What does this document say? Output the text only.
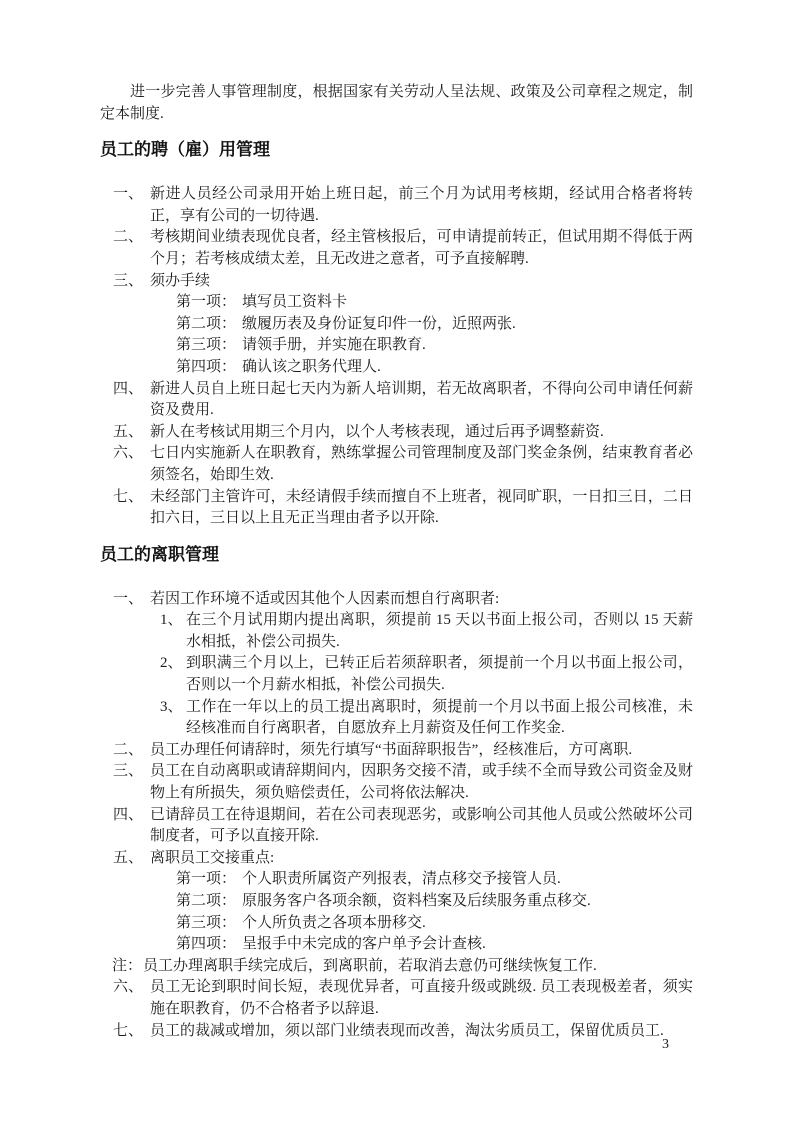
进一步完善人事管理制度，根据国家有关劳动人呈法规、政策及公司章程之规定，制定本制度.

员工的聘（雇）用管理
一、 新进人员经公司录用开始上班日起，前三个月为试用考核期，经试用合格者将转正，享有公司的一切待遇.
二、 考核期间业绩表现优良者，经主管核报后，可申请提前转正，但试用期不得低于两个月；若考核成绩太差，且无改进之意者，可予直接解聘.
三、 须办手续
第一项： 填写员工资料卡
第二项： 缴履历表及身份证复印件一份，近照两张.
第三项： 请领手册，并实施在职教育.
第四项： 确认该之职务代理人.
四、 新进人员自上班日起七天内为新人培训期，若无故离职者，不得向公司申请任何薪资及费用.
五、 新人在考核试用期三个月内，以个人考核表现，通过后再予调整薪资.
六、 七日内实施新人在职教育，熟练掌握公司管理制度及部门奖金条例，结束教育者必须签名，始即生效.
七、 未经部门主管许可，未经请假手续而擅自不上班者，视同旷职，一日扣三日，二日扣六日，三日以上且无正当理由者予以开除.
员工的离职管理
一、 若因工作环境不适或因其他个人因素而想自行离职者:
1、 在三个月试用期内提出离职，须提前 15 天以书面上报公司，否则以 15 天薪水相抵，补偿公司损失.
2、 到职满三个月以上，已转正后若须辞职者，须提前一个月以书面上报公司，否则以一个月薪水相抵，补偿公司损失.
3、 工作在一年以上的员工提出离职时，须提前一个月以书面上报公司核准，未经核准而自行离职者，自愿放弃上月薪资及任何工作奖金.
二、 员工办理任何请辞时，须先行填写“书面辞职报告”，经核准后，方可离职.
三、 员工在自动离职或请辞期间内，因职务交接不清，或手续不全而导致公司资金及财物上有所损失，须负赔偿责任，公司将依法解决.
四、 已请辞员工在待退期间，若在公司表现恶劣，或影响公司其他人员或公然破坏公司制度者，可予以直接开除.
五、 离职员工交接重点:
第一项： 个人职责所属资产列报表，清点移交予接管人员.
第二项： 原服务客户各项余额，资料档案及后续服务重点移交.
第三项： 个人所负责之各项本册移交.
第四项： 呈报手中未完成的客户单予会计查核.
注： 员工办理离职手续完成后，到离职前，若取消去意仍可继续恢复工作.
六、 员工无论到职时间长短，表现优异者，可直接升级或跳级. 员工表现极差者，须实施在职教育，仍不合格者予以辞退.
七、 员工的裁减或增加，须以部门业绩表现而改善，淘汰劣质员工，保留优质员工.
3
